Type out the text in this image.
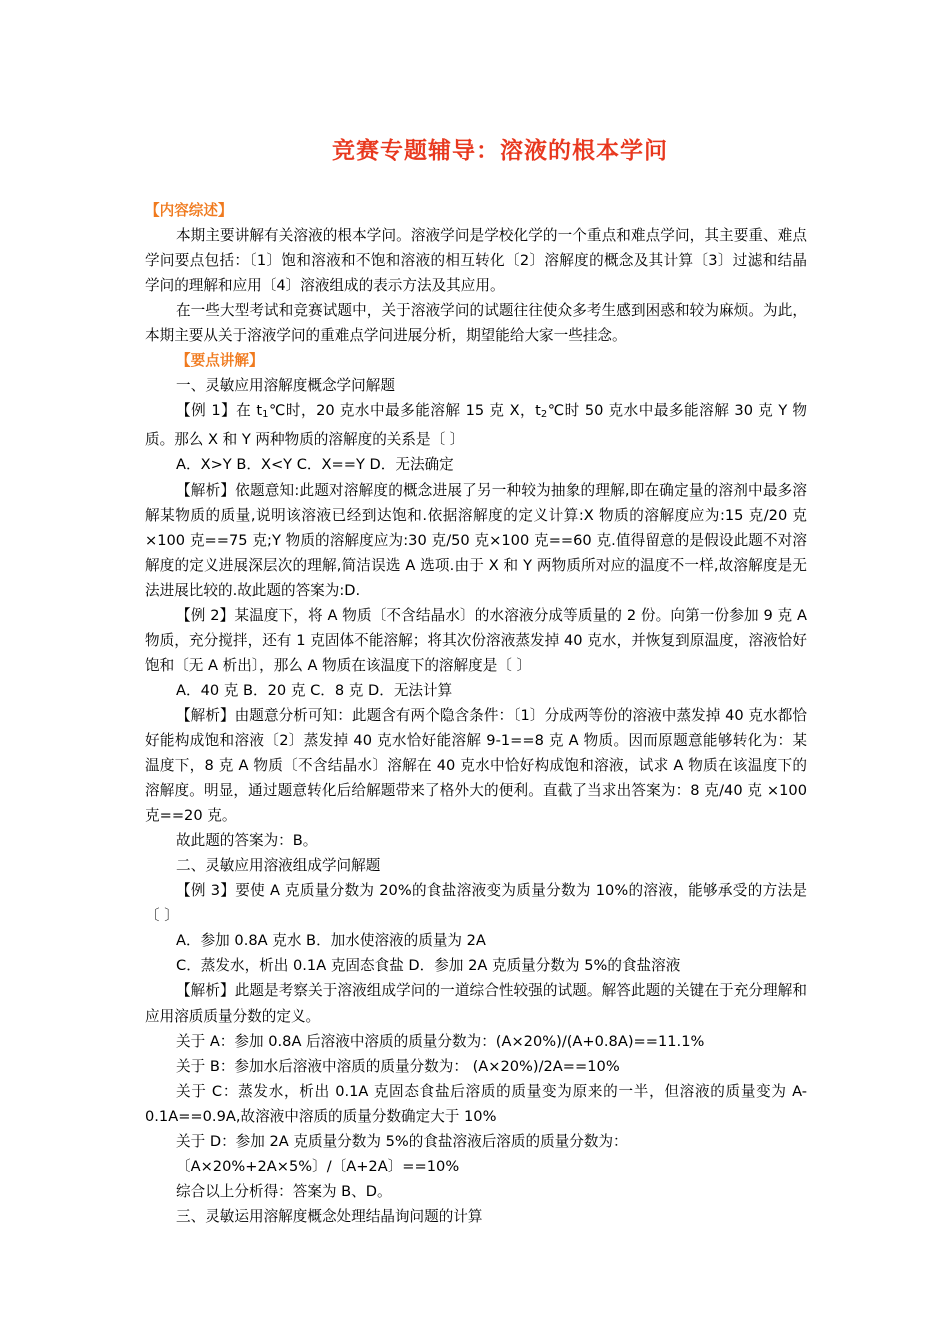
竞赛专题辅导：溶液的根本学问

【内容综述】

本期主要讲解有关溶液的根本学问。溶液学问是学校化学的一个重点和难点学问，其主要重、难点学问要点包括：〔1〕饱和溶液和不饱和溶液的相互转化〔2〕溶解度的概念及其计算〔3〕过滤和结晶学问的理解和应用〔4〕溶液组成的表示方法及其应用。

在一些大型考试和竞赛试题中，关于溶液学问的试题往往使众多考生感到困惑和较为麻烦。为此，本期主要从关于溶液学问的重难点学问进展分析，期望能给大家一些挂念。

【要点讲解】

一、灵敏应用溶解度概念学问解题

【例 1】在 $t_1℃$时，20 克水中最多能溶解 15 克 X，$t_2℃$时 50 克水中最多能溶解 30 克 Y 物质。那么 X 和 Y 两种物质的溶解度的关系是〔 〕

A．X>Y B．X<Y C．X==Y D．无法确定

【解析】依题意知:此题对溶解度的概念进展了另一种较为抽象的理解,即在确定量的溶剂中最多溶解某物质的质量,说明该溶液已经到达饱和.依据溶解度的定义计算:X 物质的溶解度应为:15 克/20 克×100 克==75 克;Y 物质的溶解度应为:30 克/50 克×100 克==60 克.值得留意的是假设此题不对溶解度的定义进展深层次的理解,简洁误选 A 选项.由于 X 和 Y 两物质所对应的温度不一样,故溶解度是无法进展比较的.故此题的答案为:D.

【例 2】某温度下，将 A 物质〔不含结晶水〕的水溶液分成等质量的 2 份。向第一份参加 9 克 A 物质，充分搅拌，还有 1 克固体不能溶解；将其次份溶液蒸发掉 40 克水，并恢复到原温度，溶液恰好饱和〔无 A 析出〕，那么 A 物质在该温度下的溶解度是〔 〕

A．40 克 B．20 克 C．8 克 D．无法计算

【解析】由题意分析可知：此题含有两个隐含条件：〔1〕分成两等份的溶液中蒸发掉 40 克水都恰好能构成饱和溶液〔2〕蒸发掉 40 克水恰好能溶解 9-1==8 克 A 物质。因而原题意能够转化为：某温度下，8 克 A 物质〔不含结晶水〕溶解在 40 克水中恰好构成饱和溶液，试求 A 物质在该温度下的溶解度。明显，通过题意转化后给解题带来了格外大的便利。直截了当求出答案为：8 克/40 克 ×100 克==20 克。

故此题的答案为：B。

二、灵敏应用溶液组成学问解题

【例 3】要使 A 克质量分数为 20%的食盐溶液变为质量分数为 10%的溶液，能够承受的方法是〔 〕

A．参加 0.8A 克水 B．加水使溶液的质量为 2A

C．蒸发水，析出 0.1A 克固态食盐 D．参加 2A 克质量分数为 5%的食盐溶液

【解析】此题是考察关于溶液组成学问的一道综合性较强的试题。解答此题的关键在于充分理解和应用溶质质量分数的定义。

关于 A：参加 0.8A 后溶液中溶质的质量分数为：(A×20%)/(A+0.8A)==11.1%

关于 B：参加水后溶液中溶质的质量分数为： (A×20%)/2A==10%

关于 C：蒸发水，析出 0.1A 克固态食盐后溶质的质量变为原来的一半，但溶液的质量变为 A-0.1A==0.9A,故溶液中溶质的质量分数确定大于 10%

关于 D：参加 2A 克质量分数为 5%的食盐溶液后溶质的质量分数为：

〔A×20%+2A×5%〕/〔A+2A〕==10%

综合以上分析得：答案为 B、D。

三、灵敏运用溶解度概念处理结晶询问题的计算
